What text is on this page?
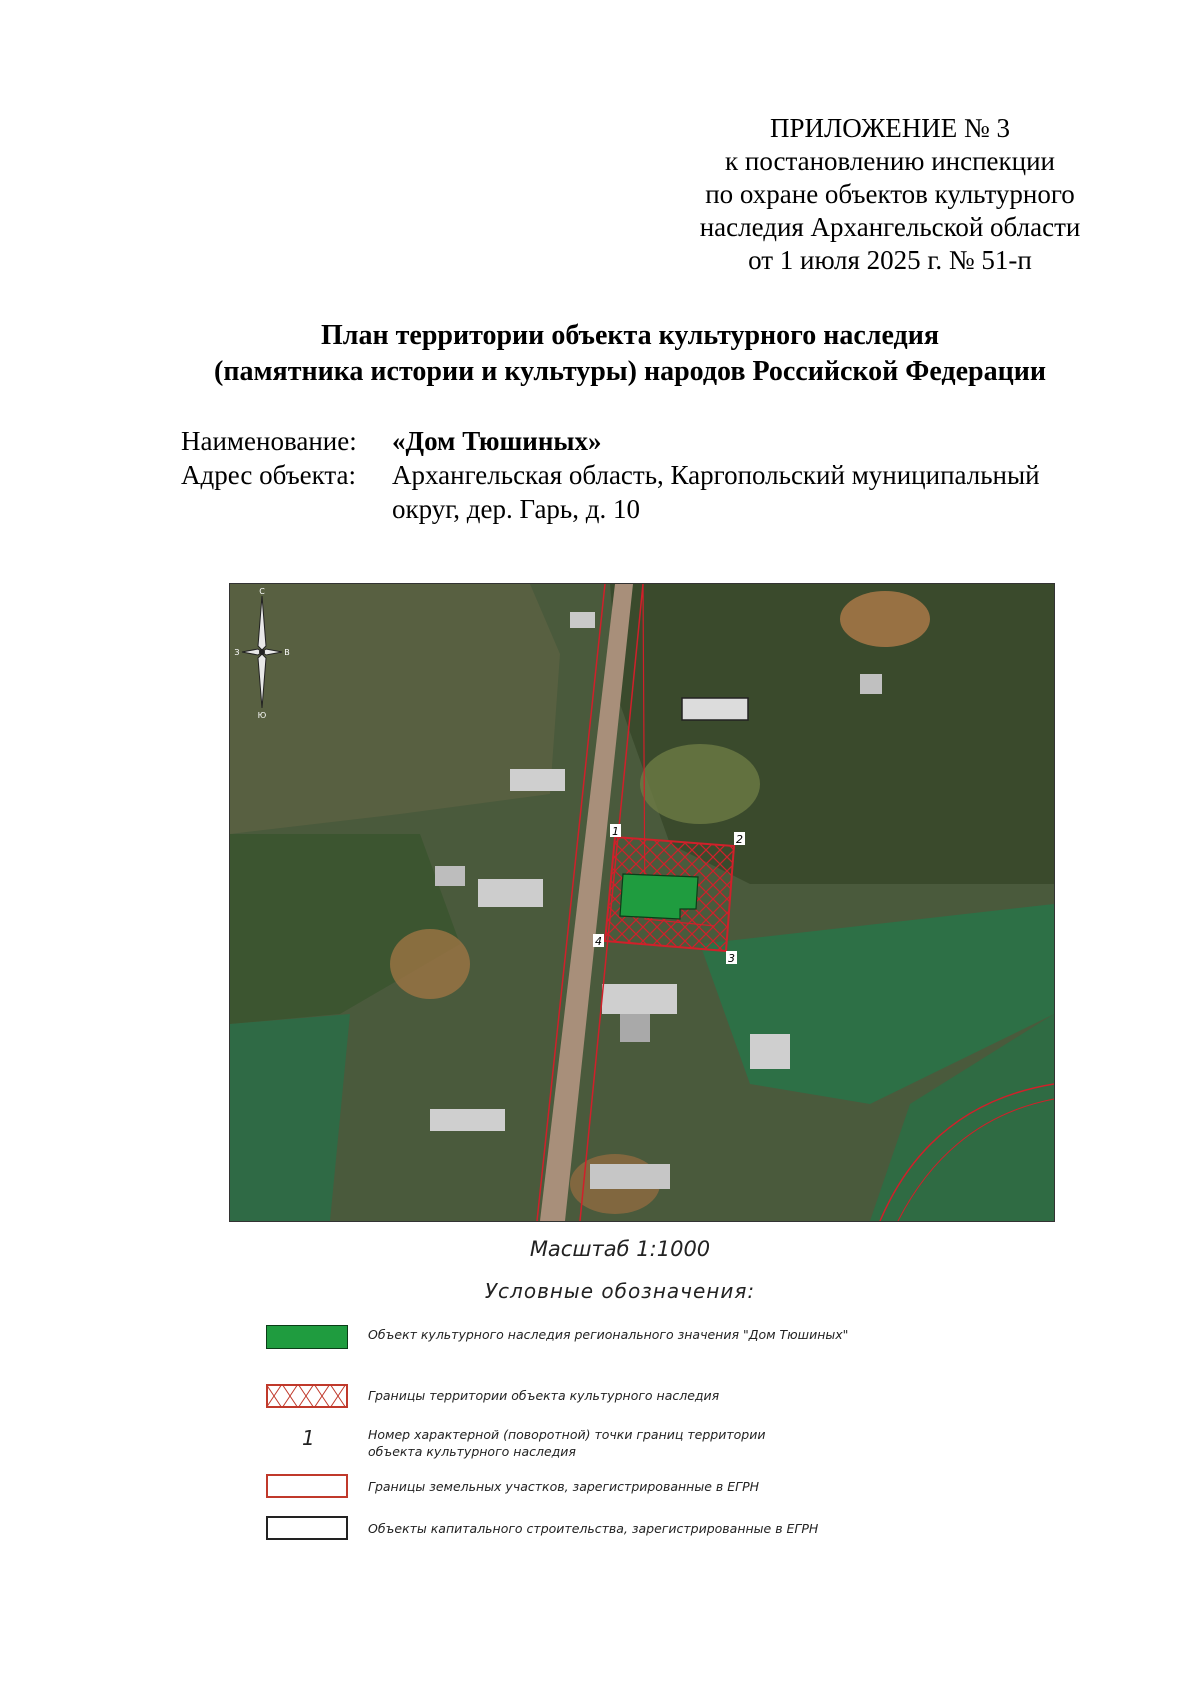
ПРИЛОЖЕНИЕ № 3
к постановлению инспекции
по охране объектов культурного
наследия Архангельской области
от 1 июля 2025 г. № 51-п
План территории объекта культурного наследия
(памятника истории и культуры) народов Российской Федерации
Наименование: «Дом Тюшиных»
Адрес объекта: Архангельская область, Каргопольский муниципальный
округ, дер. Гарь, д. 10
1
2
3
4
С
Ю
З	В
Масштаб 1:1000
Условные обозначения:
Объект культурного наследия регионального значения "Дом Тюшиных"
Границы территории объекта культурного наследия
1	Номер характерной (поворотной) точки границ территории
объекта культурного наследия
Границы земельных участков, зарегистрированные в ЕГРН
Объекты капитального строительства, зарегистрированные в ЕГРН
